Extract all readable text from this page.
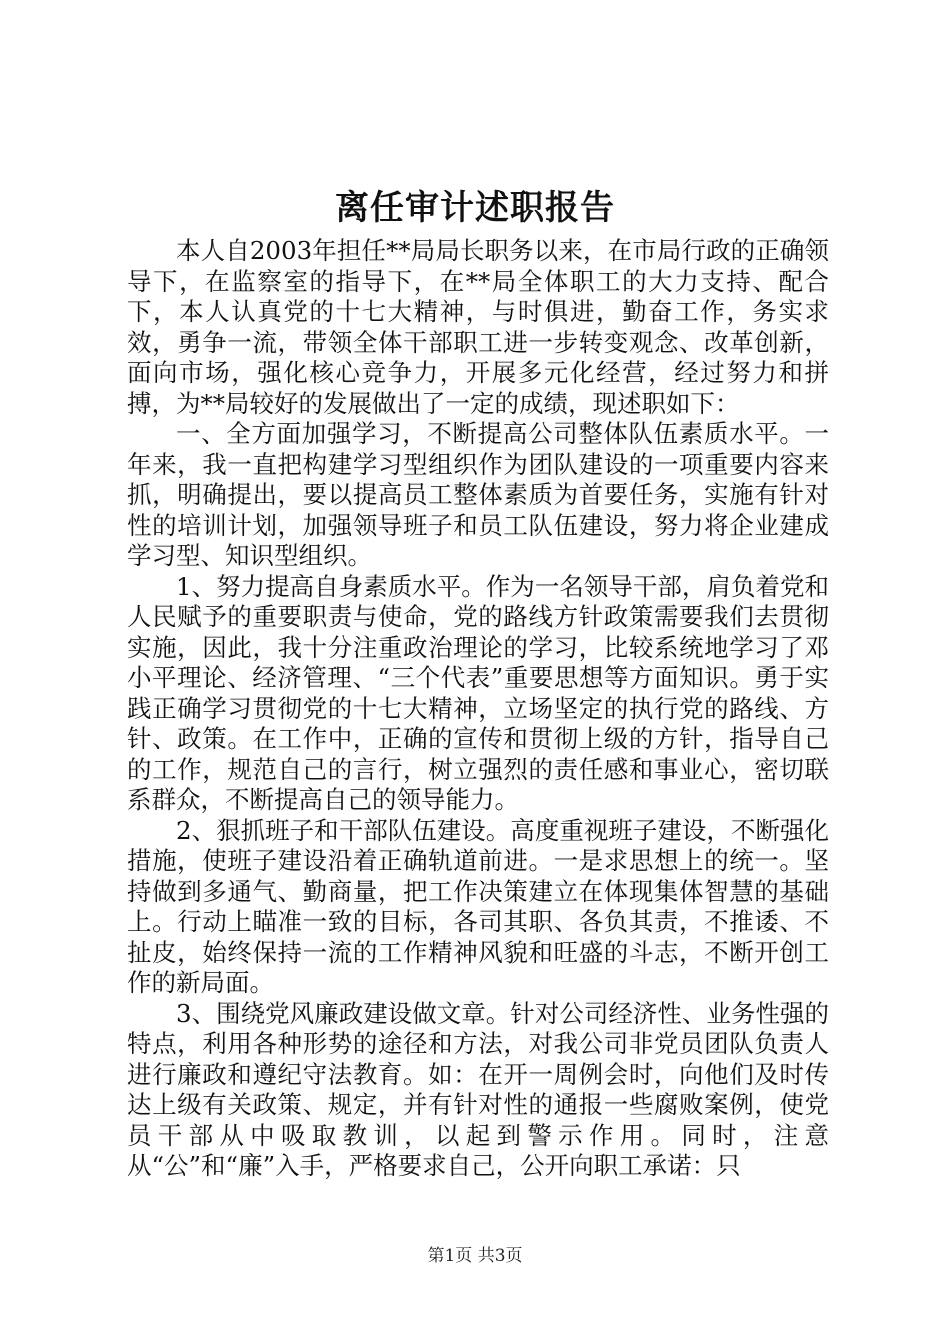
离任审计述职报告

本人自2003年担任**局局长职务以来，在市局行政的正确领导下，在监察室的指导下，在**局全体职工的大力支持、配合下，本人认真党的十七大精神，与时俱进，勤奋工作，务实求效，勇争一流，带领全体干部职工进一步转变观念、改革创新，面向市场，强化核心竞争力，开展多元化经营，经过努力和拼搏，为**局较好的发展做出了一定的成绩，现述职如下：

一、全方面加强学习，不断提高公司整体队伍素质水平。一年来，我一直把构建学习型组织作为团队建设的一项重要内容来抓，明确提出，要以提高员工整体素质为首要任务，实施有针对性的培训计划，加强领导班子和员工队伍建设，努力将企业建成学习型、知识型组织。

1、努力提高自身素质水平。作为一名领导干部，肩负着党和人民赋予的重要职责与使命，党的路线方针政策需要我们去贯彻实施，因此，我十分注重政治理论的学习，比较系统地学习了邓小平理论、经济管理、“三个代表”重要思想等方面知识。勇于实践正确学习贯彻党的十七大精神，立场坚定的执行党的路线、方针、政策。在工作中，正确的宣传和贯彻上级的方针，指导自己的工作，规范自己的言行，树立强烈的责任感和事业心，密切联系群众，不断提高自己的领导能力。

2、狠抓班子和干部队伍建设。高度重视班子建设，不断强化措施，使班子建设沿着正确轨道前进。一是求思想上的统一。坚持做到多通气、勤商量，把工作决策建立在体现集体智慧的基础上。行动上瞄准一致的目标，各司其职、各负其责，不推诿、不扯皮，始终保持一流的工作精神风貌和旺盛的斗志，不断开创工作的新局面。

3、围绕党风廉政建设做文章。针对公司经济性、业务性强的特点，利用各种形势的途径和方法，对我公司非党员团队负责人进行廉政和遵纪守法教育。如：在开一周例会时，向他们及时传达上级有关政策、规定，并有针对性的通报一些腐败案例，使党员干部从中吸取教训，以起到警示作用。同时，注意从“公”和“廉”入手，严格要求自己，公开向职工承诺：只

第1页 共3页
